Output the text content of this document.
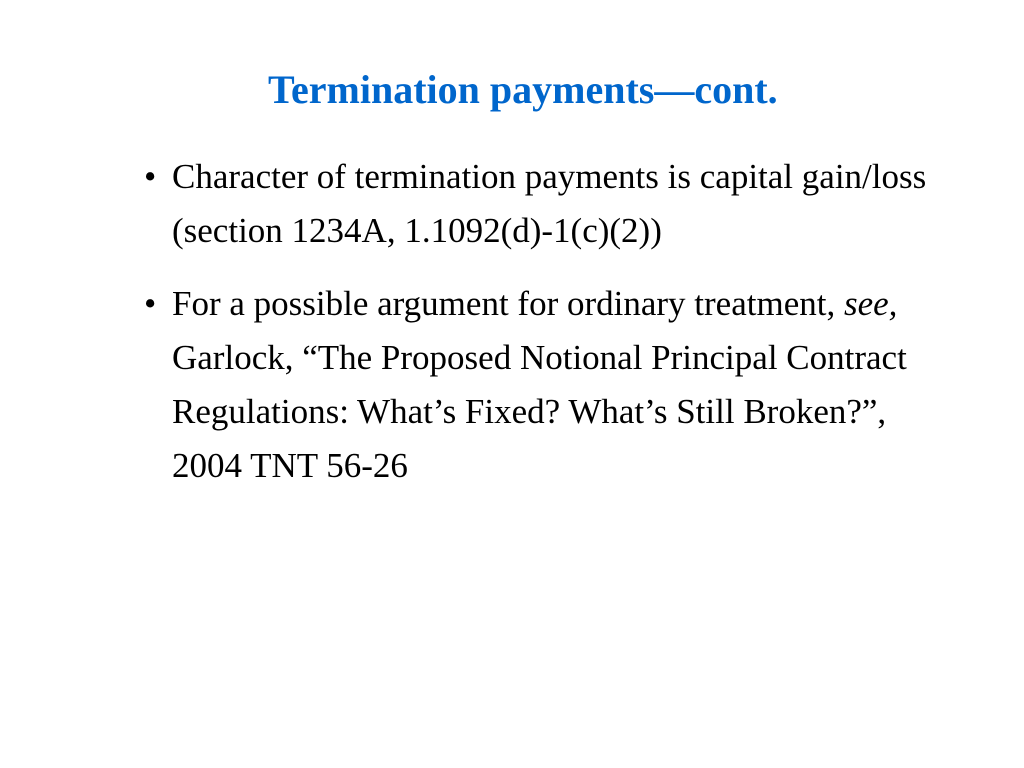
Termination payments—cont.
• Character of termination payments is capital gain/loss (section 1234A, 1.1092(d)-1(c)(2))
• For a possible argument for ordinary treatment, see, Garlock, “The Proposed Notional Principal Contract Regulations: What’s Fixed? What’s Still Broken?”, 2004 TNT 56-26
